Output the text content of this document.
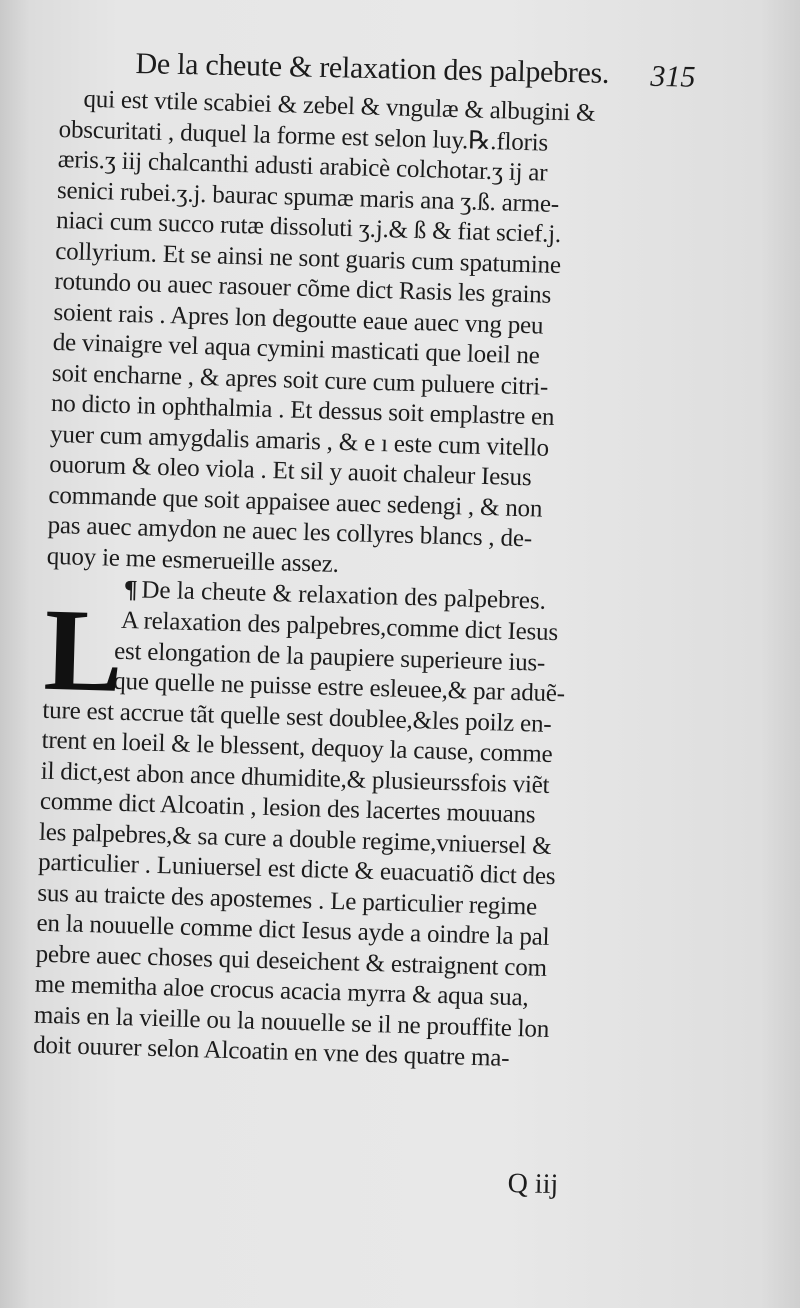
De la cheute & relaxation des palpebres. 315
qui est vtile scabiei & zebel & vngulæ & albugini &
obscuritati , duquel la forme est selon luy.℞.floris
æris.ʒ iij chalcanthi adusti arabicè colchotar.ʒ ij ar
senici rubei.ʒ.j. baurac spumæ maris ana ʒ.ß. arme-
niaci cum succo rutæ dissoluti ʒ.j.& ß & fiat scief.j.
collyrium. Et se ainsi ne sont guaris cum spatumine
rotundo ou auec rasouer cõme dict Rasis les grains
soient rais . Apres lon degoutte eaue auec vng peu
de vinaigre vel aqua cymini masticati que loeil ne
soit encharne , & apres soit cure cum puluere citri-
no dicto in ophthalmia . Et dessus soit emplastre en
yuer cum amygdalis amaris , & e ı este cum vitello
ouorum & oleo viola . Et sil y auoit chaleur Iesus
commande que soit appaisee auec sedengi , & non
pas auec amydon ne auec les collyres blancs , de-
quoy ie me esmerueille assez.
¶ De la cheute & relaxation des palpebres.
L
A relaxation des palpebres,comme dict Iesus
est elongation de la paupiere superieure ius-
que quelle ne puisse estre esleuee,& par aduẽ-
ture est accrue tãt quelle sest doublee,&les poilz en-
trent en loeil & le blessent, dequoy la cause, comme
il dict,est abon ance dhumidite,& plusieurssfois viẽt
comme dict Alcoatin , lesion des lacertes mouuans
les palpebres,& sa cure a double regime,vniuersel &
particulier . Luniuersel est dicte & euacuatiõ dict des
sus au traicte des apostemes . Le particulier regime
en la nouuelle comme dict Iesus ayde a oindre la pal
pebre auec choses qui deseichent & estraignent com
me memitha aloe crocus acacia myrra & aqua sua,
mais en la vieille ou la nouuelle se il ne prouffite lon
doit ouurer selon Alcoatin en vne des quatre ma-
Q iij
